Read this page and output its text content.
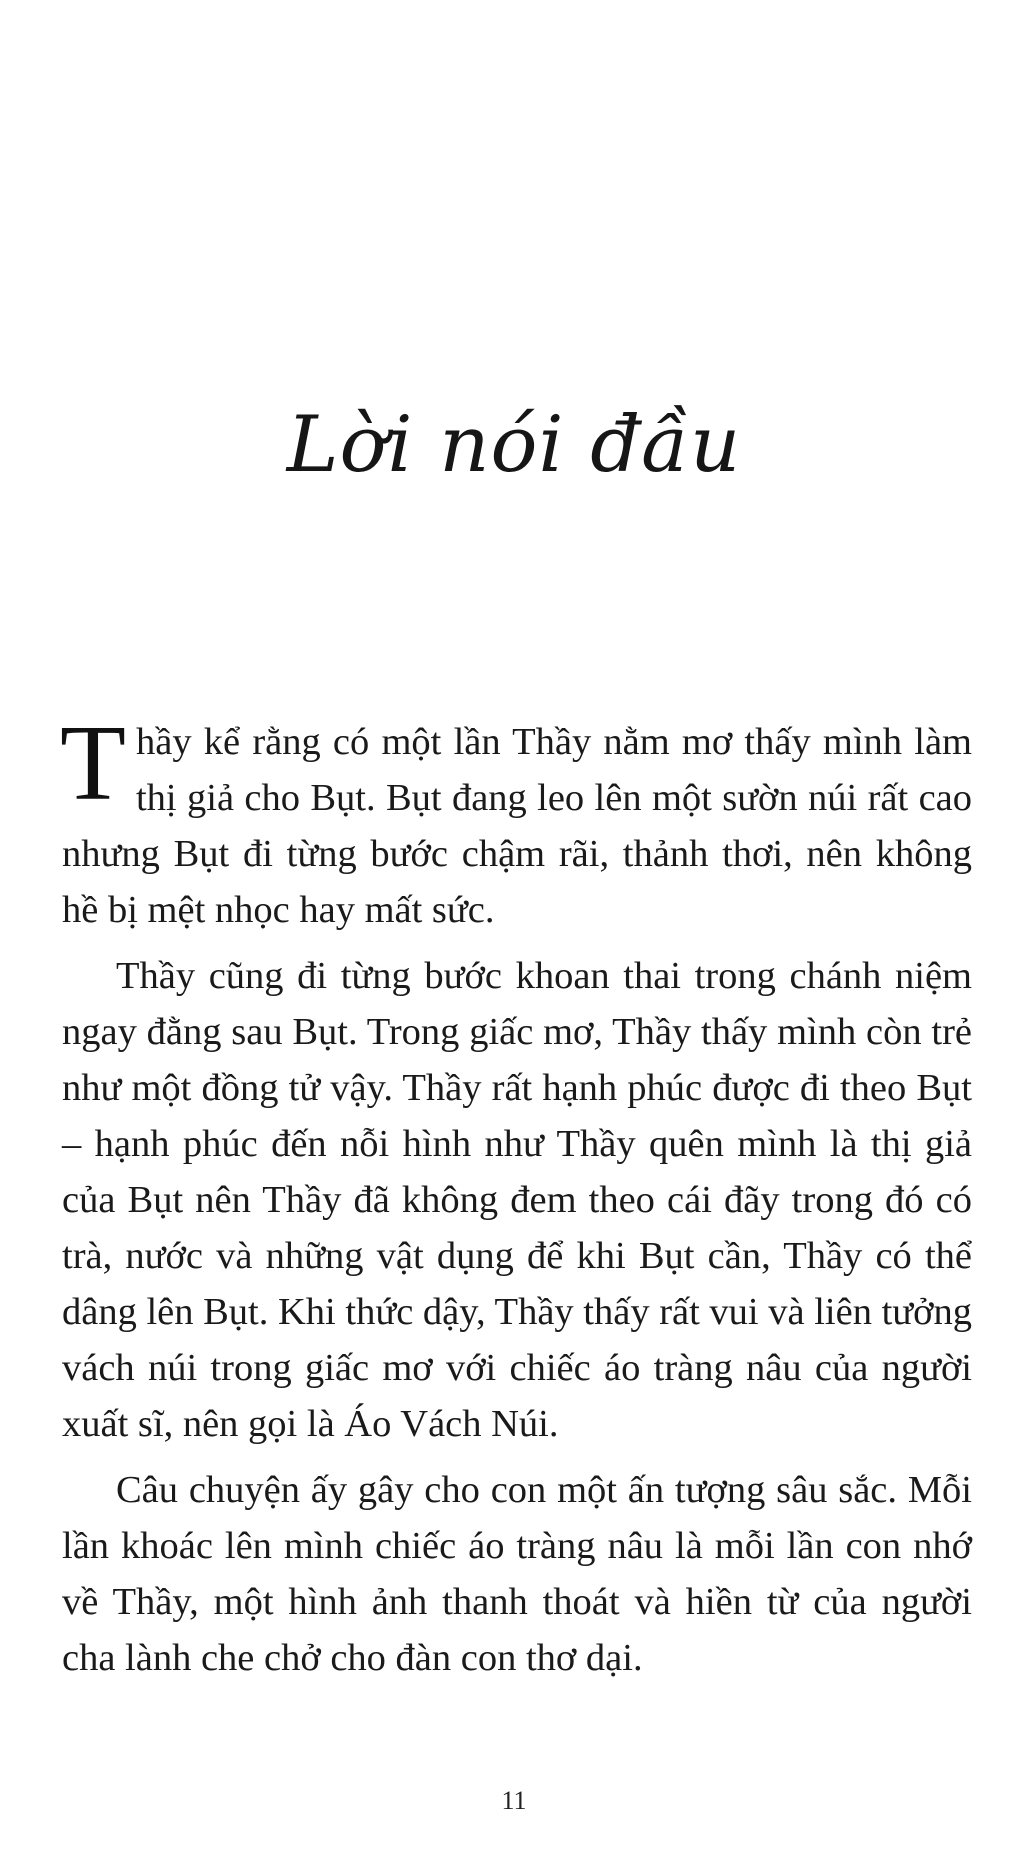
Lời nói đầu

Thầy kể rằng có một lần Thầy nằm mơ thấy mình làm thị giả cho Bụt. Bụt đang leo lên một sườn núi rất cao nhưng Bụt đi từng bước chậm rãi, thảnh thơi, nên không hề bị mệt nhọc hay mất sức.

Thầy cũng đi từng bước khoan thai trong chánh niệm ngay đằng sau Bụt. Trong giấc mơ, Thầy thấy mình còn trẻ như một đồng tử vậy. Thầy rất hạnh phúc được đi theo Bụt – hạnh phúc đến nỗi hình như Thầy quên mình là thị giả của Bụt nên Thầy đã không đem theo cái đãy trong đó có trà, nước và những vật dụng để khi Bụt cần, Thầy có thể dâng lên Bụt. Khi thức dậy, Thầy thấy rất vui và liên tưởng vách núi trong giấc mơ với chiếc áo tràng nâu của người xuất sĩ, nên gọi là Áo Vách Núi.

Câu chuyện ấy gây cho con một ấn tượng sâu sắc. Mỗi lần khoác lên mình chiếc áo tràng nâu là mỗi lần con nhớ về Thầy, một hình ảnh thanh thoát và hiền từ của người cha lành che chở cho đàn con thơ dại.

11
